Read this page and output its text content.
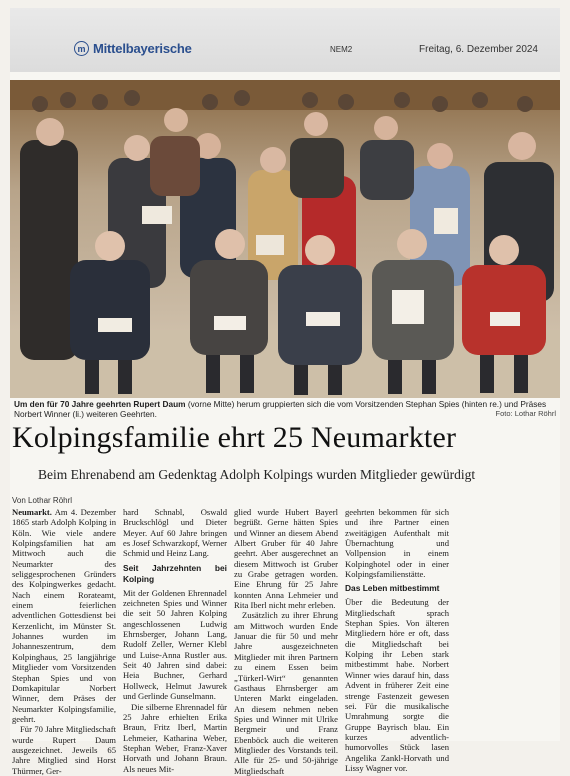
m Mittelbayerische	NEM2	Freitag, 6. Dezember 2024
Um den für 70 Jahre geehrten Rupert Daum (vorne Mitte) herum gruppierten sich die vom Vorsitzenden Stephan Spies (hinten re.) und Präses Norbert Winner (li.) weiteren Geehrten.	Foto: Lothar Röhrl
Kolpingsfamilie ehrt 25 Neumarkter
Beim Ehrenabend am Gedenktag Adolph Kolpings wurden Mitglieder gewürdigt
Von Lothar Röhrl

Neumarkt. Am 4. Dezember 1865 starb Adolph Kolping in Köln. Wie viele andere Kolpingsfamilien hat am Mittwoch auch die Neumarkter des seliggesprochenen Gründers des Kolpingwerkes gedacht. Nach einem Rorateamt, einem feierlichen adventlichen Gottesdienst bei Kerzenlicht, im Münster St. Johannes wurden im Johanneszentrum, dem Kolpinghaus, 25 langjährige Mitglieder vom Vorsitzenden Stephan Spies und von Domkapitular Norbert Winner, dem Präses der Neumarkter Kolpingsfamilie, geehrt.

Für 70 Jahre Mitgliedschaft wurde Rupert Daum ausgezeichnet. Jeweils 65 Jahre Mitglied sind Horst Thürmer, Ger-

hard Schnabl, Oswald Bruckschlögl und Dieter Meyer. Auf 60 Jahre bringen es Josef Schwarzkopf, Werner Schmid und Heinz Lang.

Seit Jahrzehnten bei Kolping

Mit der Goldenen Ehrennadel zeichneten Spies und Winner die seit 50 Jahren Kolping angeschlossenen Ludwig Ehrnsberger, Johann Lang, Rudolf Zeller, Werner Klebl und Luise-Anna Rustler aus. Seit 40 Jahren sind dabei: Heia Buchner, Gerhard Hollweck, Helmut Jawurek und Gerlinde Gunselmann.

Die silberne Ehrennadel für 25 Jahre erhielten Erika Braun, Fritz Iberl, Martin Lehmeier, Katharina Weber, Stephan Weber, Franz-Xaver Horvath und Johann Braun. Als neues Mit-

glied wurde Hubert Bayerl begrüßt. Gerne hätten Spies und Winner an diesem Abend Albert Gruber für 40 Jahre geehrt. Aber ausgerechnet an diesem Mittwoch ist Gruber zu Grabe getragen worden. Eine Ehrung für 25 Jahre konnten Anna Lehmeier und Rita Iberl nicht mehr erleben.

Zusätzlich zu ihrer Ehrung am Mittwoch wurden Ende Januar die für 50 und mehr Jahre ausgezeichneten Mitglieder mit ihren Partnern zu einem Essen beim „Türkerl-Wirt“ genannten Gasthaus Ehrnsberger am Unteren Markt eingeladen. An diesem nehmen neben Spies und Winner mit Ulrike Bergmeir und Franz Ebenböck auch die weiteren Mitglieder des Vorstands teil. Alle für 25- und 50-jährige Mitgliedschaft

geehrten bekommen für sich und ihre Partner einen zweitägigen Aufenthalt mit Übernachtung und Vollpension in einem Kolpinghotel oder in einer Kolpingsfamilienstätte.

Das Leben mitbestimmt

Über die Bedeutung der Mitgliedschaft sprach Stephan Spies. Von älteren Mitgliedern höre er oft, dass die Mitgliedschaft bei Kolping ihr Leben stark mitbestimmt habe. Norbert Winner wies darauf hin, dass Advent in früherer Zeit eine strenge Fastenzeit gewesen sei. Für die musikalische Umrahmung sorgte die Gruppe Bayrisch blau. Ein kurzes adventlich-humorvolles Stück lasen Angelika Zankl-Horvath und Lissy Wagner vor.
